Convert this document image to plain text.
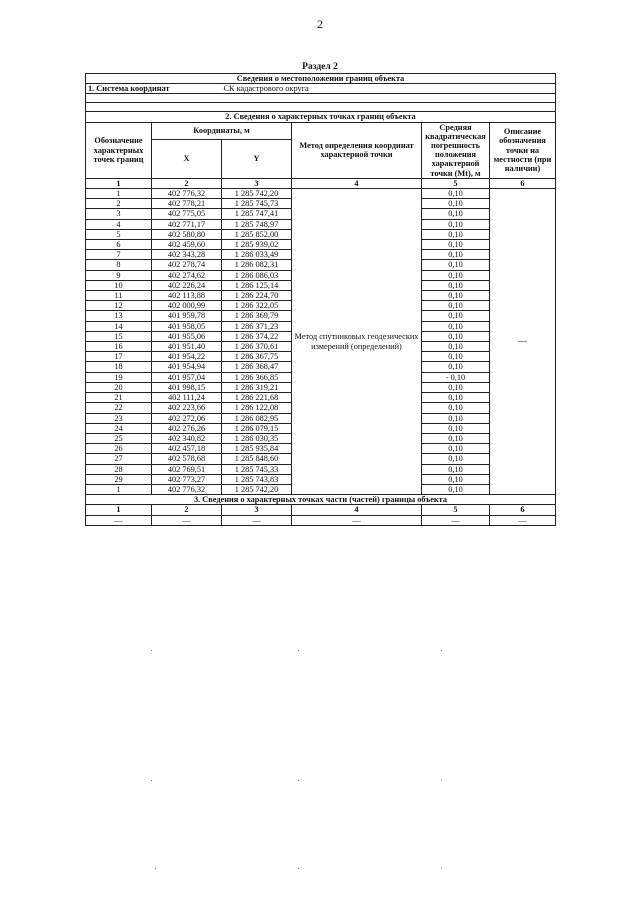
2
Раздел 2
Сведения о местоположении границ объекта					
1. Система координат		СК кадастрового округа			

2. Сведения о характерных точках границ объекта					
Обозначение характерных точек границ	Координаты, м		Метод определения координат характерной точки	Средняя квадратическая погрешность положения характерной точки (Mt), м	Описание обозначения точки на местности (при наличии)
	X	Y			
1	2	3	4	5	6
1	402 776,32	1 285 742,20	Метод спутниковых геодезических измерений (определений)	0,10	—
2	402 778,21	1 285 745,73		0,10	
3	402 775,05	1 285 747,41		0,10	
4	402 771,17	1 285 748,97		0,10	
5	402 580,80	1 285 852,00		0,10	
6	402 459,60	1 285 939,02		0,10	
7	402 343,28	1 286 033,49		0,10	
8	402 278,74	1 286 082,31		0,10	
9	402 274,62	1 286 086,03		0,10	
10	402 226,24	1 286 125,14		0,10	
11	402 113,88	1 286 224,70		0,10	
12	402 000,99	1 286 322,05		0,10	
13	401 959,78	1 286 369,79		0,10	
14	401 958,05	1 286 371,23		0,10	
15	401 955,06	1 286 374,22		0,10	
16	401 951,40	1 286 370,61		0,10	
17	401 954,22	1 286 367,75		0,10	
18	401 954,94	1 286 368,47		0,10	
19	401 957,04	1 286 366,85		- 0,10	
20	401 998,15	1 286 319,21		0,10	
21	402 111,24	1 286 221,68		0,10	
22	402 223,66	1 286 122,08		0,10	
23	402 272,06	1 286 082,95		0,10	
24	402 276,26	1 286 079,15		0,10	
25	402 340,82	1 286 030,35		0,10	
26	402 457,18	1 285 935,84		0,10	
27	402 578,68	1 285 848,60		0,10	
28	402 769,51	1 285 745,33		0,10	
29	402 773,27	1 285 743,83		0,10	
1	402 776,32	1 285 742,20		0,10	
3. Сведения о характерных точках части (частей) границы объекта					
1	2	3	4	5	6
—	—	—	—	—	—
